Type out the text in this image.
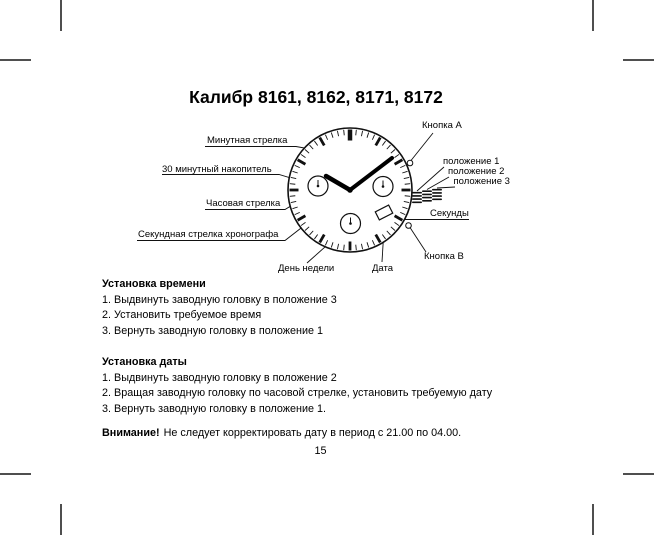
Калибр 8161, 8162, 8171, 8172
Минутная стрелка
30 минутный накопитель
Часовая стрелка
Секундная стрелка хронографа
Кнопка А
положение 1
положение 2
положение 3
Секунды
Кнопка В
День недели	Дата
Установка времени
1. Выдвинуть заводную головку в положение 3
2. Установить требуемое время
3. Вернуть заводную головку в положение 1
Установка даты
1. Выдвинуть заводную головку в положение 2
2. Вращая заводную головку по часовой стрелке, установить требуемую дату
3. Вернуть заводную головку в положение 1.
Внимание! Не следует корректировать дату в период с 21.00 по 04.00.
15
